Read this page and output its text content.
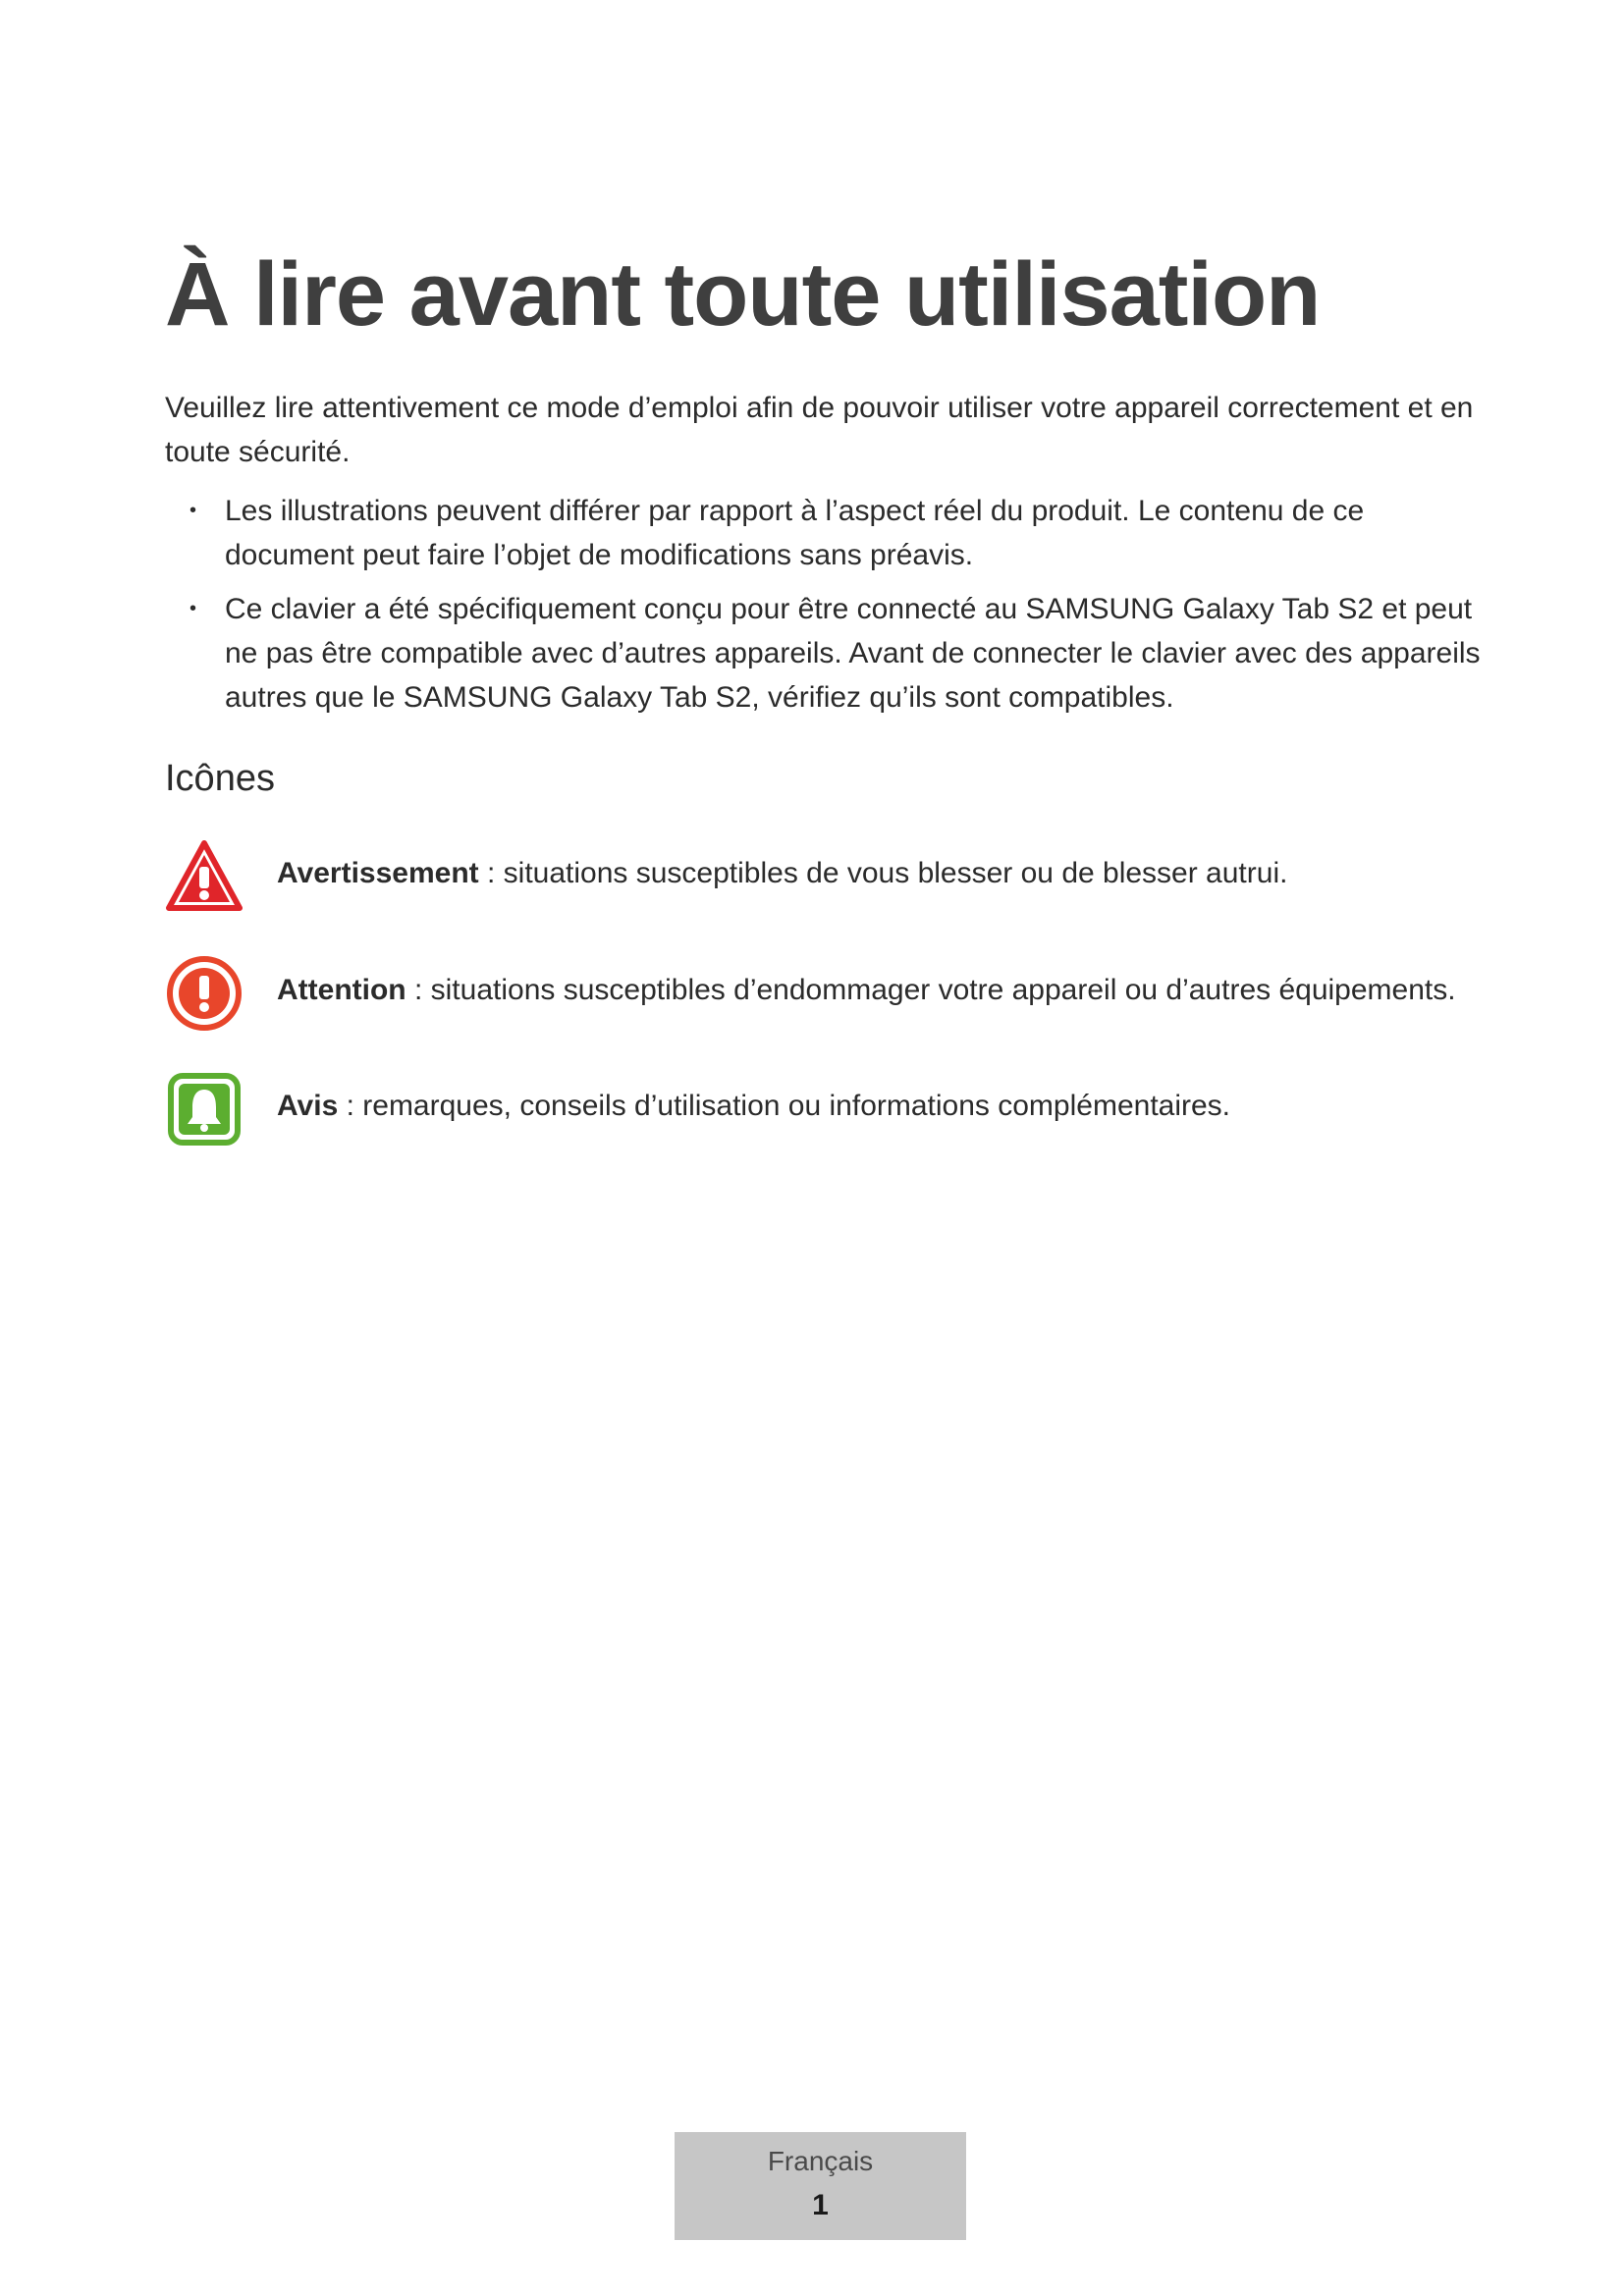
À lire avant toute utilisation

Veuillez lire attentivement ce mode d’emploi afin de pouvoir utiliser votre appareil correctement et en toute sécurité.

• Les illustrations peuvent différer par rapport à l’aspect réel du produit. Le contenu de ce document peut faire l’objet de modifications sans préavis.
• Ce clavier a été spécifiquement conçu pour être connecté au SAMSUNG Galaxy Tab S2 et peut ne pas être compatible avec d’autres appareils. Avant de connecter le clavier avec des appareils autres que le SAMSUNG Galaxy Tab S2, vérifiez qu’ils sont compatibles.
Icônes
Avertissement : situations susceptibles de vous blesser ou de blesser autrui.
Attention : situations susceptibles d’endommager votre appareil ou d’autres équipements.
Avis : remarques, conseils d’utilisation ou informations complémentaires.
Français
1
